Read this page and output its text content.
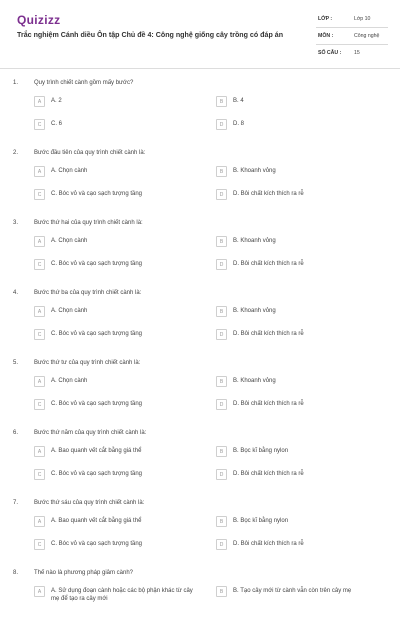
Quizizz
Trắc nghiệm Cánh diều Ôn tập Chủ đề 4: Công nghệ giống cây trồng có đáp án
LỚP :	Lớp 10
MÔN :	Công nghệ
SỐ CÂU :	15
1.	Quy trình chiết cành gồm mấy bước?
A	A. 2	B	B. 4
C	C. 6	D	D. 8
2.	Bước đầu tiên của quy trình chiết cành là:
A	A. Chọn cành	B	B. Khoanh vỏng
C	C. Bóc vỏ và cạo sạch tượng tầng	D	D. Bôi chất kích thích ra rễ
3.	Bước thứ hai của quy trình chiết cành là:
A	A. Chọn cành	B	B. Khoanh vỏng
C	C. Bóc vỏ và cạo sạch tượng tầng	D	D. Bôi chất kích thích ra rễ
4.	Bước thứ ba của quy trình chiết cành là:
A	A. Chọn cành	B	B. Khoanh vỏng
C	C. Bóc vỏ và cạo sạch tượng tầng	D	D. Bôi chất kích thích ra rễ
5.	Bước thứ tư của quy trình chiết cành là:
A	A. Chọn cành	B	B. Khoanh vỏng
C	C. Bóc vỏ và cạo sạch tượng tầng	D	D. Bôi chất kích thích ra rễ
6.	Bước thứ năm của quy trình chiết cành là:
A	A. Bao quanh vết cắt bằng giá thể	B	B. Bọc kĩ bằng nylon
C	C. Bóc vỏ và cạo sạch tượng tầng	D	D. Bôi chất kích thích ra rễ
7.	Bước thứ sáu của quy trình chiết cành là:
A	A. Bao quanh vết cắt bằng giá thể	B	B. Bọc kĩ bằng nylon
C	C. Bóc vỏ và cạo sạch tượng tầng	D	D. Bôi chất kích thích ra rễ
8.	Thế nào là phương pháp giâm cành?
A	A. Sử dụng đoạn cành hoặc các bộ phận khác từ cây mẹ để tạo ra cây mới
B	B. Tạo cây mới từ cành vẫn còn trên cây mẹ
